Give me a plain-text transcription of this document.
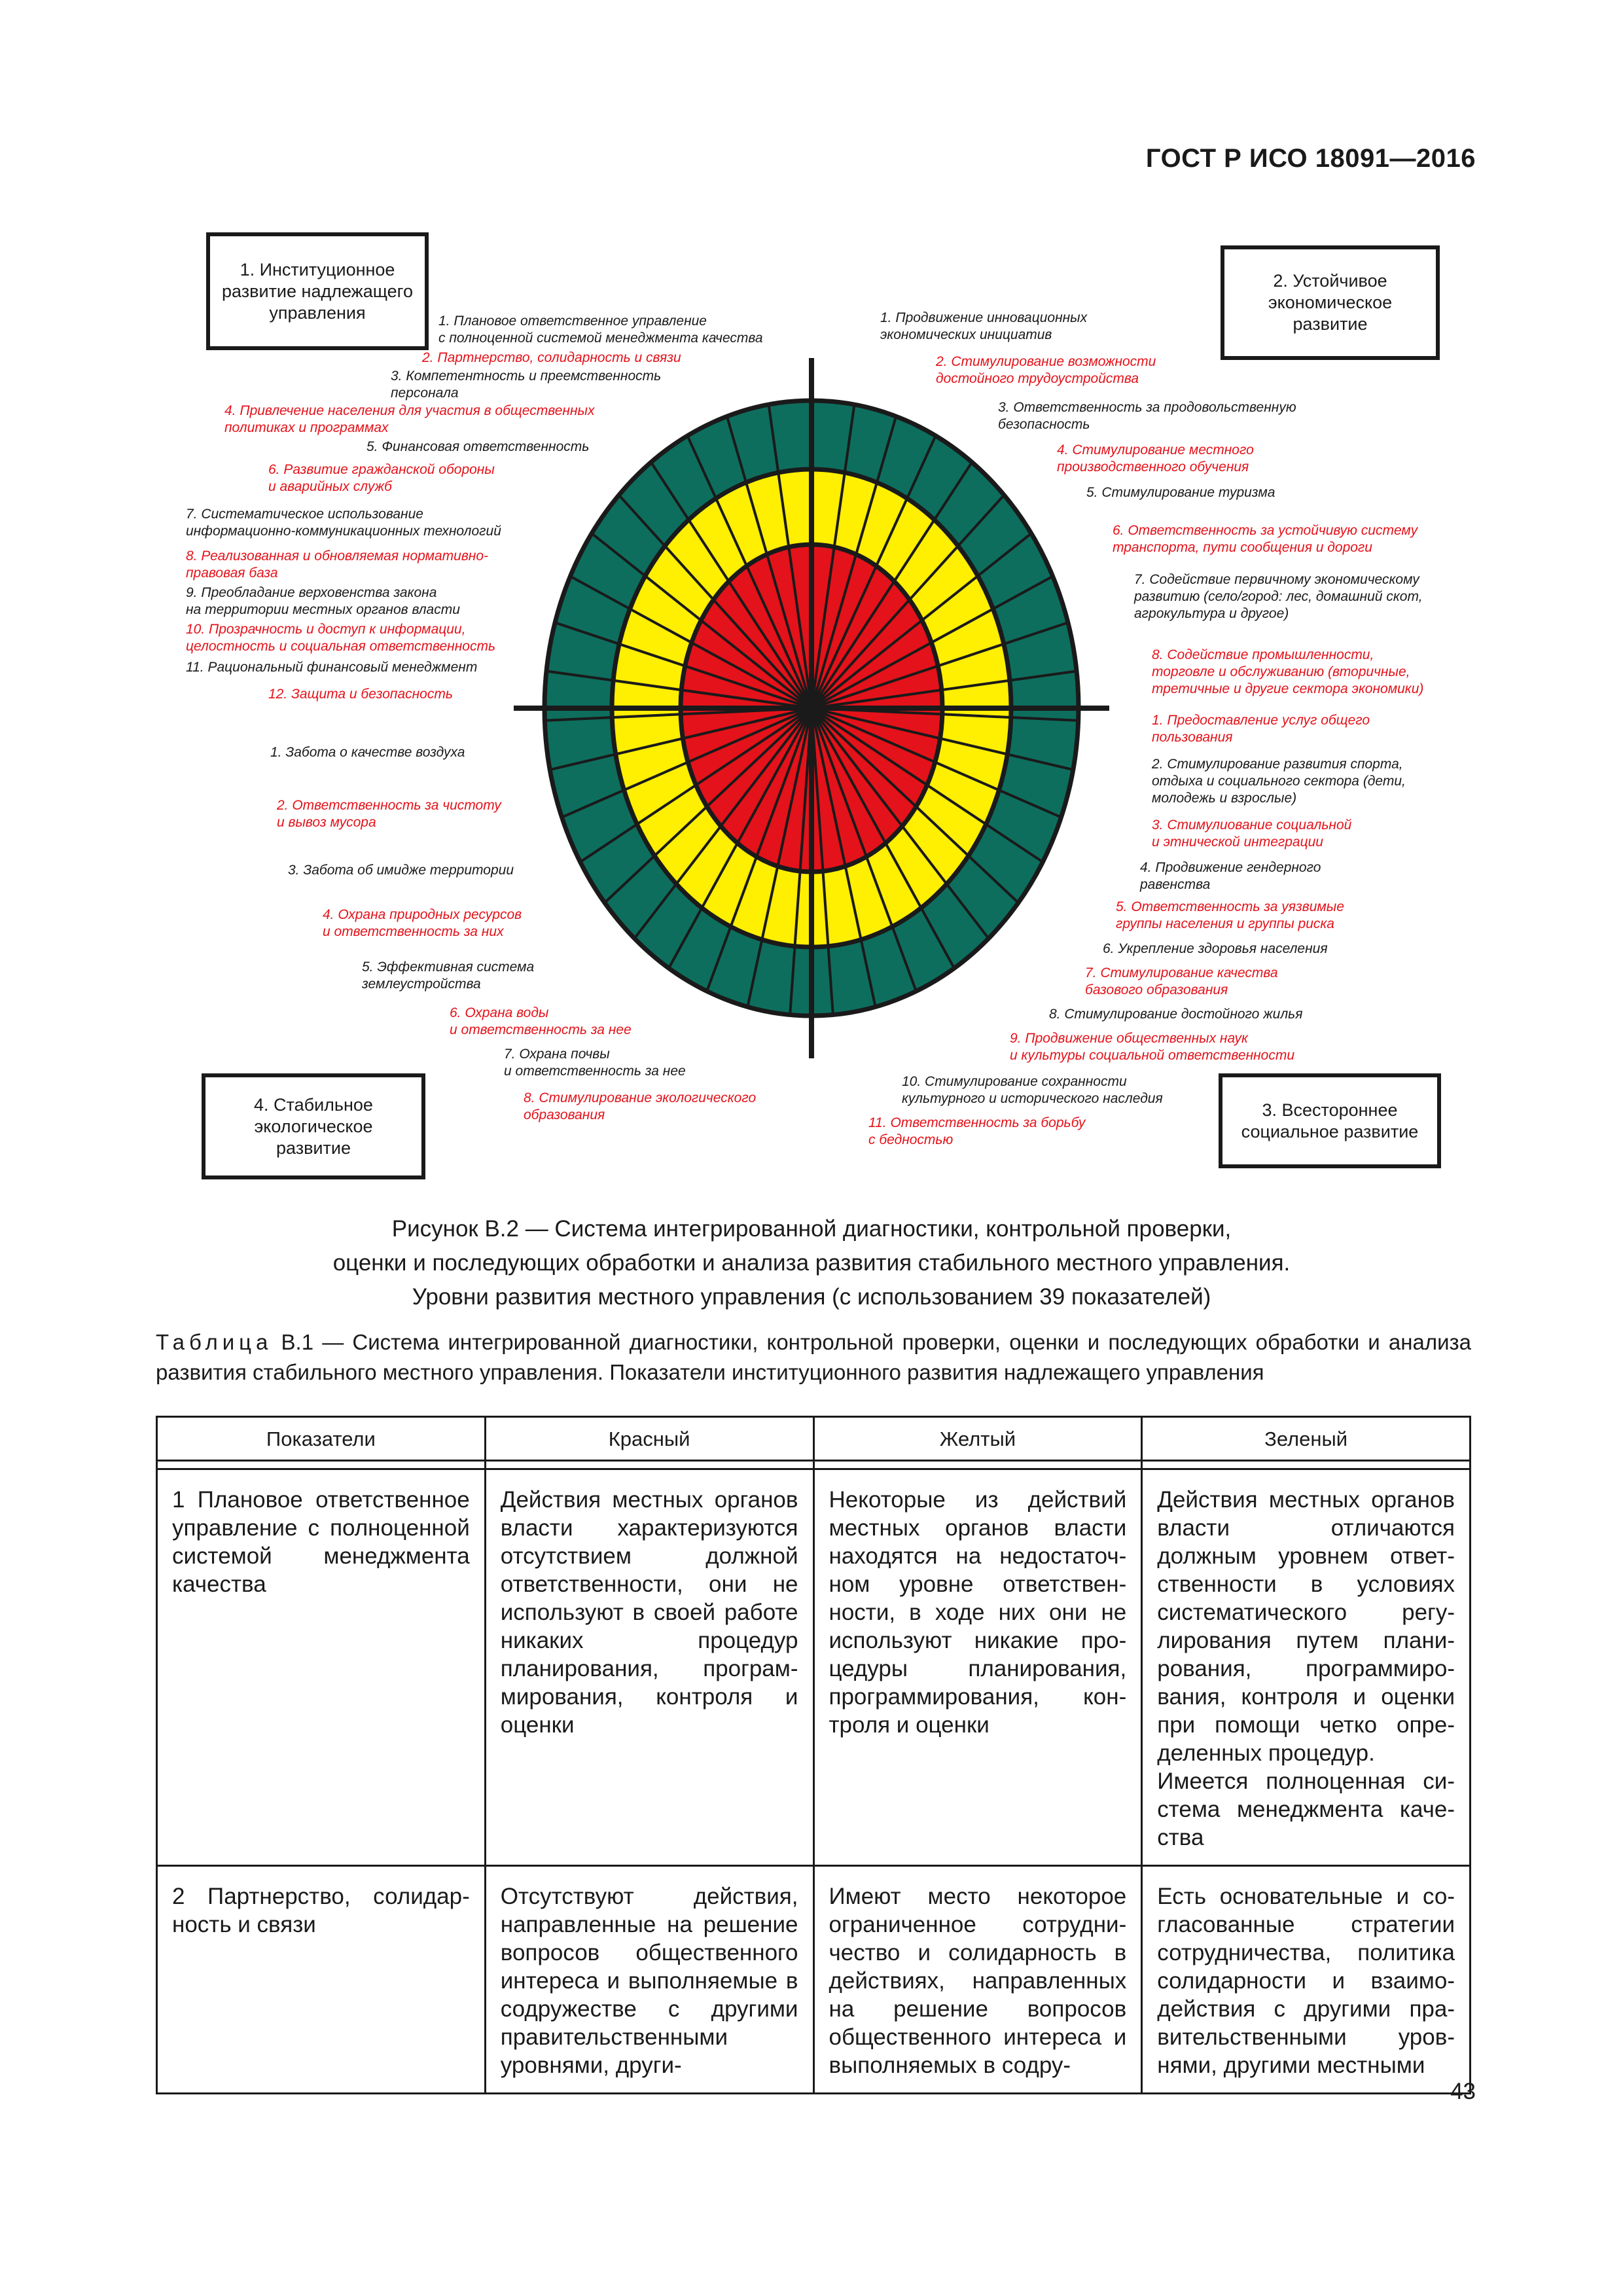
ГОСТ Р ИСО 18091—2016
1. Институционное
развитие надлежащего
управления
2. Устойчивое
экономическое
развитие
3. Всестороннее
социальное развитие
4. Стабильное
экологическое
развитие
1. Плановое ответственное управление
с полноценной системой менеджмента качества
2. Партнерство, солидарность и связи
3. Компетентность и преемственность
персонала
4. Привлечение населения для участия в общественных
политиках и программах
5. Финансовая ответственность
6. Развитие гражданской обороны
и аварийных служб
7. Систематическое использование
информационно-коммуникационных технологий
8. Реализованная и обновляемая нормативно-
правовая база
9. Преобладание верховенства закона
на территории местных органов власти
10. Прозрачность и доступ к информации,
целостность и социальная ответственность
11. Рациональный финансовый менеджмент
12. Защита и безопасность
1. Продвижение инновационных
экономических инициатив
2. Стимулирование возможности
достойного трудоустройства
3. Ответственность за продовольственную
безопасность
4. Стимулирование местного
производственного обучения
5. Стимулирование туризма
6. Ответственность за устойчивую систему
транспорта, пути сообщения и дороги
7. Содействие первичному экономическому
развитию (село/город: лес, домашний скот,
агрокультура и другое)
8. Содействие промышленности,
торговле и обслуживанию (вторичные,
третичные и другие сектора экономики)
1. Предоставление услуг общего
пользования
2. Стимулирование развития спорта,
отдыха и социального сектора (дети,
молодежь и взрослые)
3. Стимулиование социальной
и этнической интеграции
4. Продвижение гендерного
равенства
5. Ответственность за уязвимые
группы населения и группы риска
6. Укрепление здоровья населения
7. Стимулирование качества
базового образования
8. Стимулирование достойного жилья
9. Продвижение общественных наук
и культуры социальной ответственности
10. Стимулирование сохранности
культурного и исторического наследия
11. Ответственность за борьбу
с бедностью
1. Забота о качестве воздуха
2. Ответственность за чистоту
и вывоз мусора
3. Забота об имидже территории
4. Охрана природных ресурсов
и ответственность за них
5. Эффективная система
землеустройства
6. Охрана воды
и ответственность за нее
7. Охрана почвы
и ответственность за нее
8. Стимулирование экологического
образования
Рисунок В.2 — Система интегрированной диагностики, контрольной проверки,
оценки и последующих обработки и анализа развития стабильного местного управления.
Уровни развития местного управления (с использованием 39 показателей)
Таблица В.1 — Система интегрированной диагностики, контрольной проверки, оценки и последующих обработки и анализа развития стабильного местного управления. Показатели институционного развития надлежащего управления
Показатели	Красный	Желтый	Зеленый

1 Плановое ответственное управление с полноценной системой менеджмента качества	Действия местных органов власти характеризуются отсутствием должной ответственности, они не используют в своей работе никаких процедур планирования, программирования, контроля и оценки	Некоторые из действий местных органов власти находятся на недостаточном уровне ответственности, в ходе них они не используют никакие процедуры планирования, программирования, контроля и оценки	Действия местных органов власти отличаются должным уровнем ответственности в условиях систематического регулирования путем планирования, программирования, контроля и оценки при помощи четко определенных процедур.
Имеется полноценная система менеджмента качества
2 Партнерство, солидарность и связи	Отсутствуют действия, направленные на решение вопросов общественного интереса и выполняемые в содружестве с другими правительственными уровнями, други-	Имеют место некоторое ограниченное сотрудничество и солидарность в действиях, направленных на решение вопросов общественного интереса и выполняемых в содру-	Есть основательные и согласованные стратегии сотрудничества, политика солидарности и взаимодействия с другими правительственными уровнями, другими местными
43
